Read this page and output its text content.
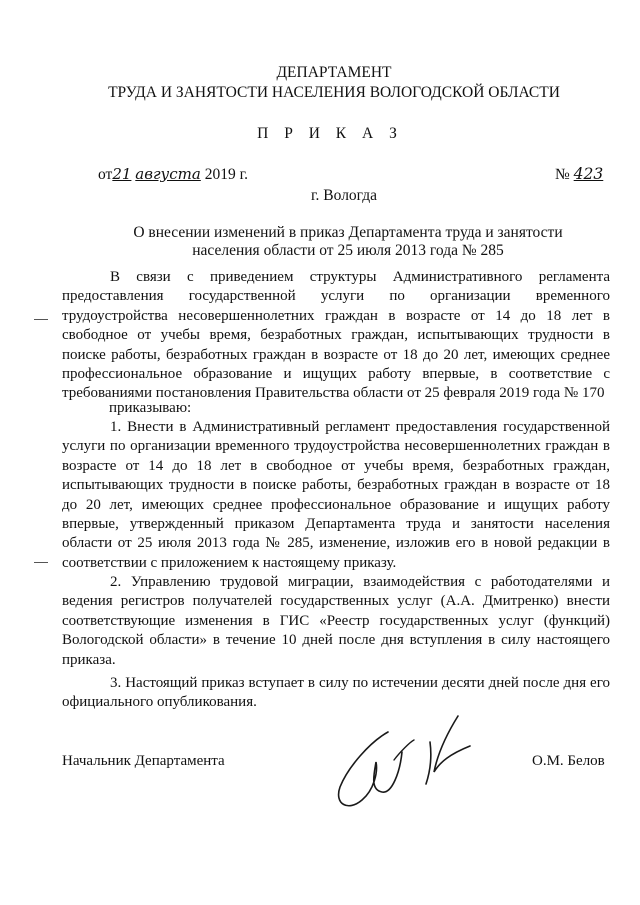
ДЕПАРТАМЕНТ
ТРУДА И ЗАНЯТОСТИ НАСЕЛЕНИЯ ВОЛОГОДСКОЙ ОБЛАСТИ
П Р И К А З
от21 августа 2019 г.	№ 423
г. Вологда
О внесении изменений в приказ Департамента труда и занятости
населения области от 25 июля 2013 года № 285
В связи с приведением структуры Административного регламента предоставления государственной услуги по организации временного трудоустройства несовершеннолетних граждан в возрасте от 14 до 18 лет в свободное от учебы время, безработных граждан, испытывающих трудности в поиске работы, безработных граждан в возрасте от 18 до 20 лет, имеющих среднее профессиональное образование и ищущих работу впервые, в соответствие с требованиями постановления Правительства области от 25 февраля 2019 года № 170
приказываю:
1. Внести в Административный регламент предоставления государственной услуги по организации временного трудоустройства несовершеннолетних граждан в возрасте от 14 до 18 лет в свободное от учебы время, безработных граждан, испытывающих трудности в поиске работы, безработных граждан в возрасте от 18 до 20 лет, имеющих среднее профессиональное образование и ищущих работу впервые, утвержденный приказом Департамента труда и занятости населения области от 25 июля 2013 года № 285, изменение, изложив его в новой редакции в соответствии с приложением к настоящему приказу.
2. Управлению трудовой миграции, взаимодействия с работодателями и ведения регистров получателей государственных услуг (А.А. Дмитренко) внести соответствующие изменения в ГИС «Реестр государственных услуг (функций) Вологодской области» в течение 10 дней после дня вступления в силу настоящего приказа.
3. Настоящий приказ вступает в силу по истечении десяти дней после дня его официального опубликования.
Начальник Департамента	О.М. Белов
